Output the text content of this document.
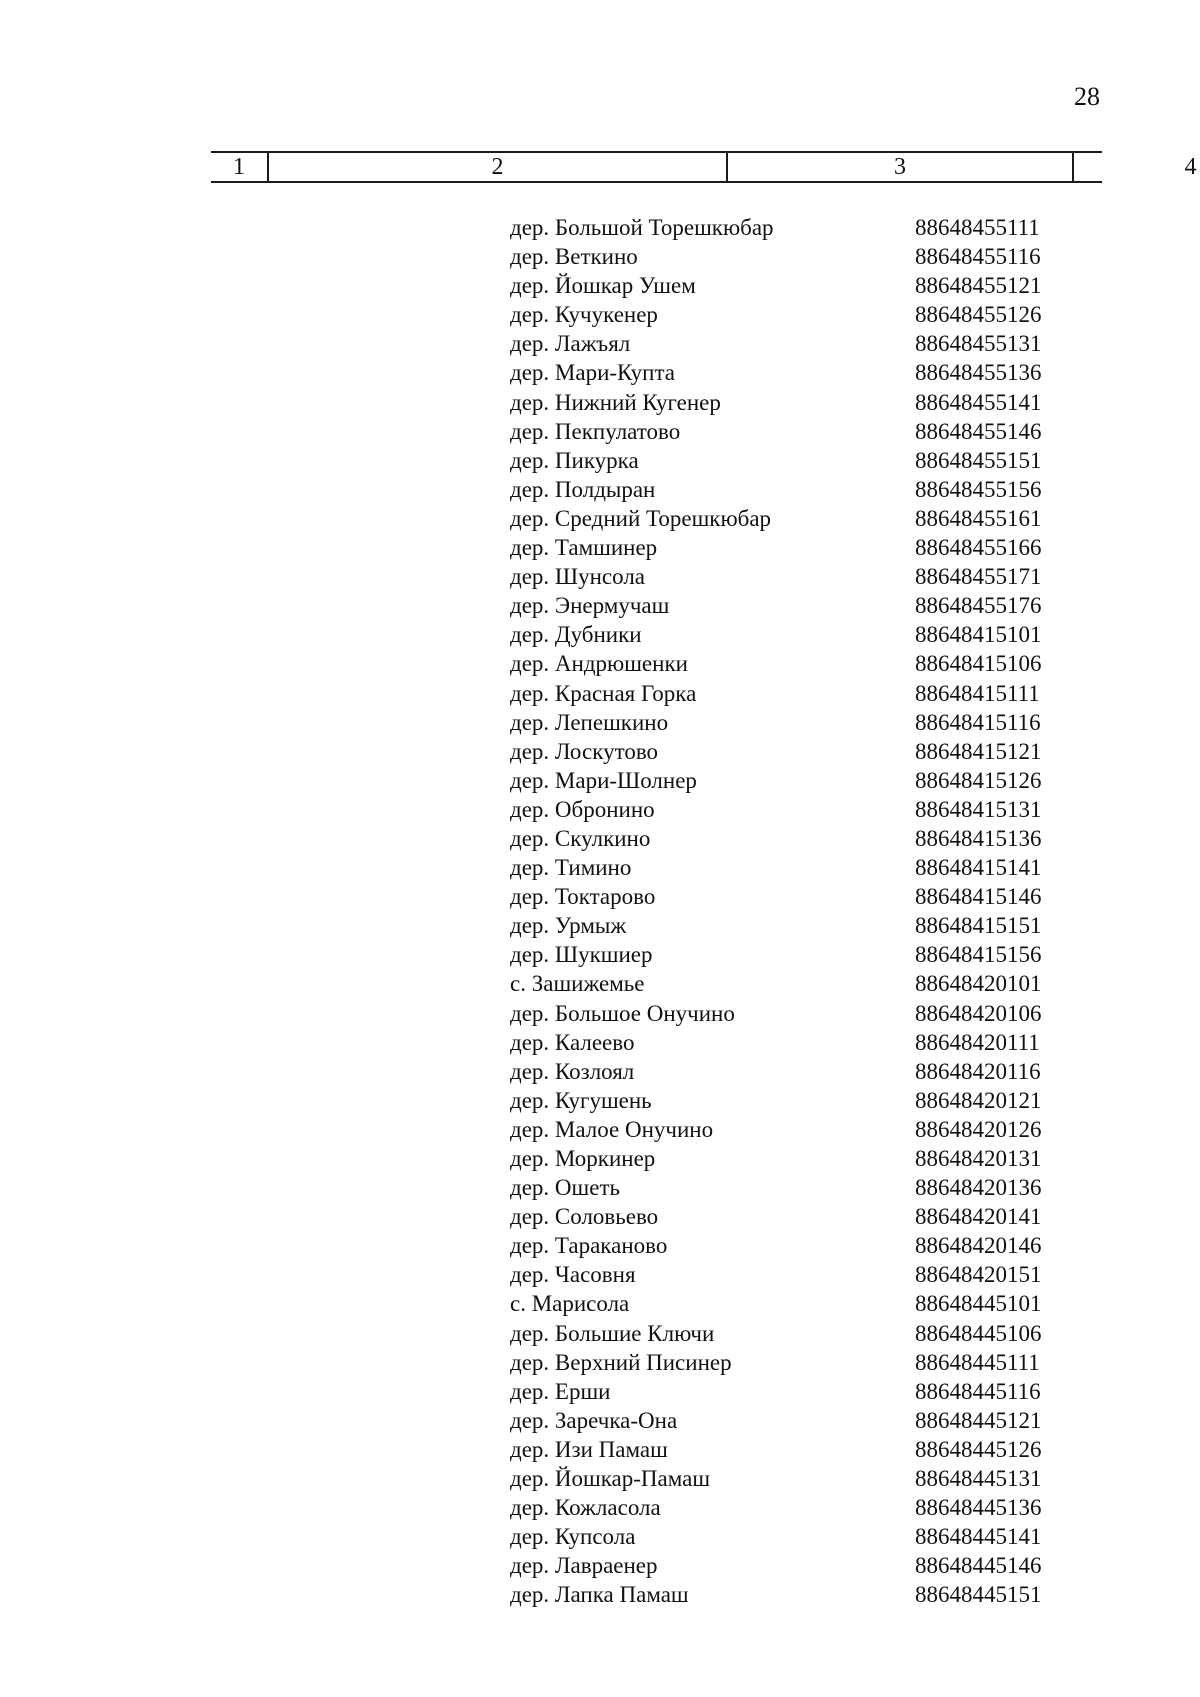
28
1	2	3	4
дер. Большой Торешкюбар	88648455111
дер. Веткино	88648455116
дер. Йошкар Ушем	88648455121
дер. Кучукенер	88648455126
дер. Лажъял	88648455131
дер. Мари-Купта	88648455136
дер. Нижний Кугенер	88648455141
дер. Пекпулатово	88648455146
дер. Пикурка	88648455151
дер. Полдыран	88648455156
дер. Средний Торешкюбар	88648455161
дер. Тамшинер	88648455166
дер. Шунсола	88648455171
дер. Энермучаш	88648455176
дер. Дубники	88648415101
дер. Андрюшенки	88648415106
дер. Красная Горка	88648415111
дер. Лепешкино	88648415116
дер. Лоскутово	88648415121
дер. Мари-Шолнер	88648415126
дер. Обронино	88648415131
дер. Скулкино	88648415136
дер. Тимино	88648415141
дер. Токтарово	88648415146
дер. Урмыж	88648415151
дер. Шукшиер	88648415156
с. Зашижемье	88648420101
дер. Большое Онучино	88648420106
дер. Калеево	88648420111
дер. Козлоял	88648420116
дер. Кугушень	88648420121
дер. Малое Онучино	88648420126
дер. Моркинер	88648420131
дер. Ошеть	88648420136
дер. Соловьево	88648420141
дер. Тараканово	88648420146
дер. Часовня	88648420151
с. Марисола	88648445101
дер. Большие Ключи	88648445106
дер. Верхний Писинер	88648445111
дер. Ерши	88648445116
дер. Заречка-Она	88648445121
дер. Изи Памаш	88648445126
дер. Йошкар-Памаш	88648445131
дер. Кожласола	88648445136
дер. Купсола	88648445141
дер. Лавраенер	88648445146
дер. Лапка Памаш	88648445151
